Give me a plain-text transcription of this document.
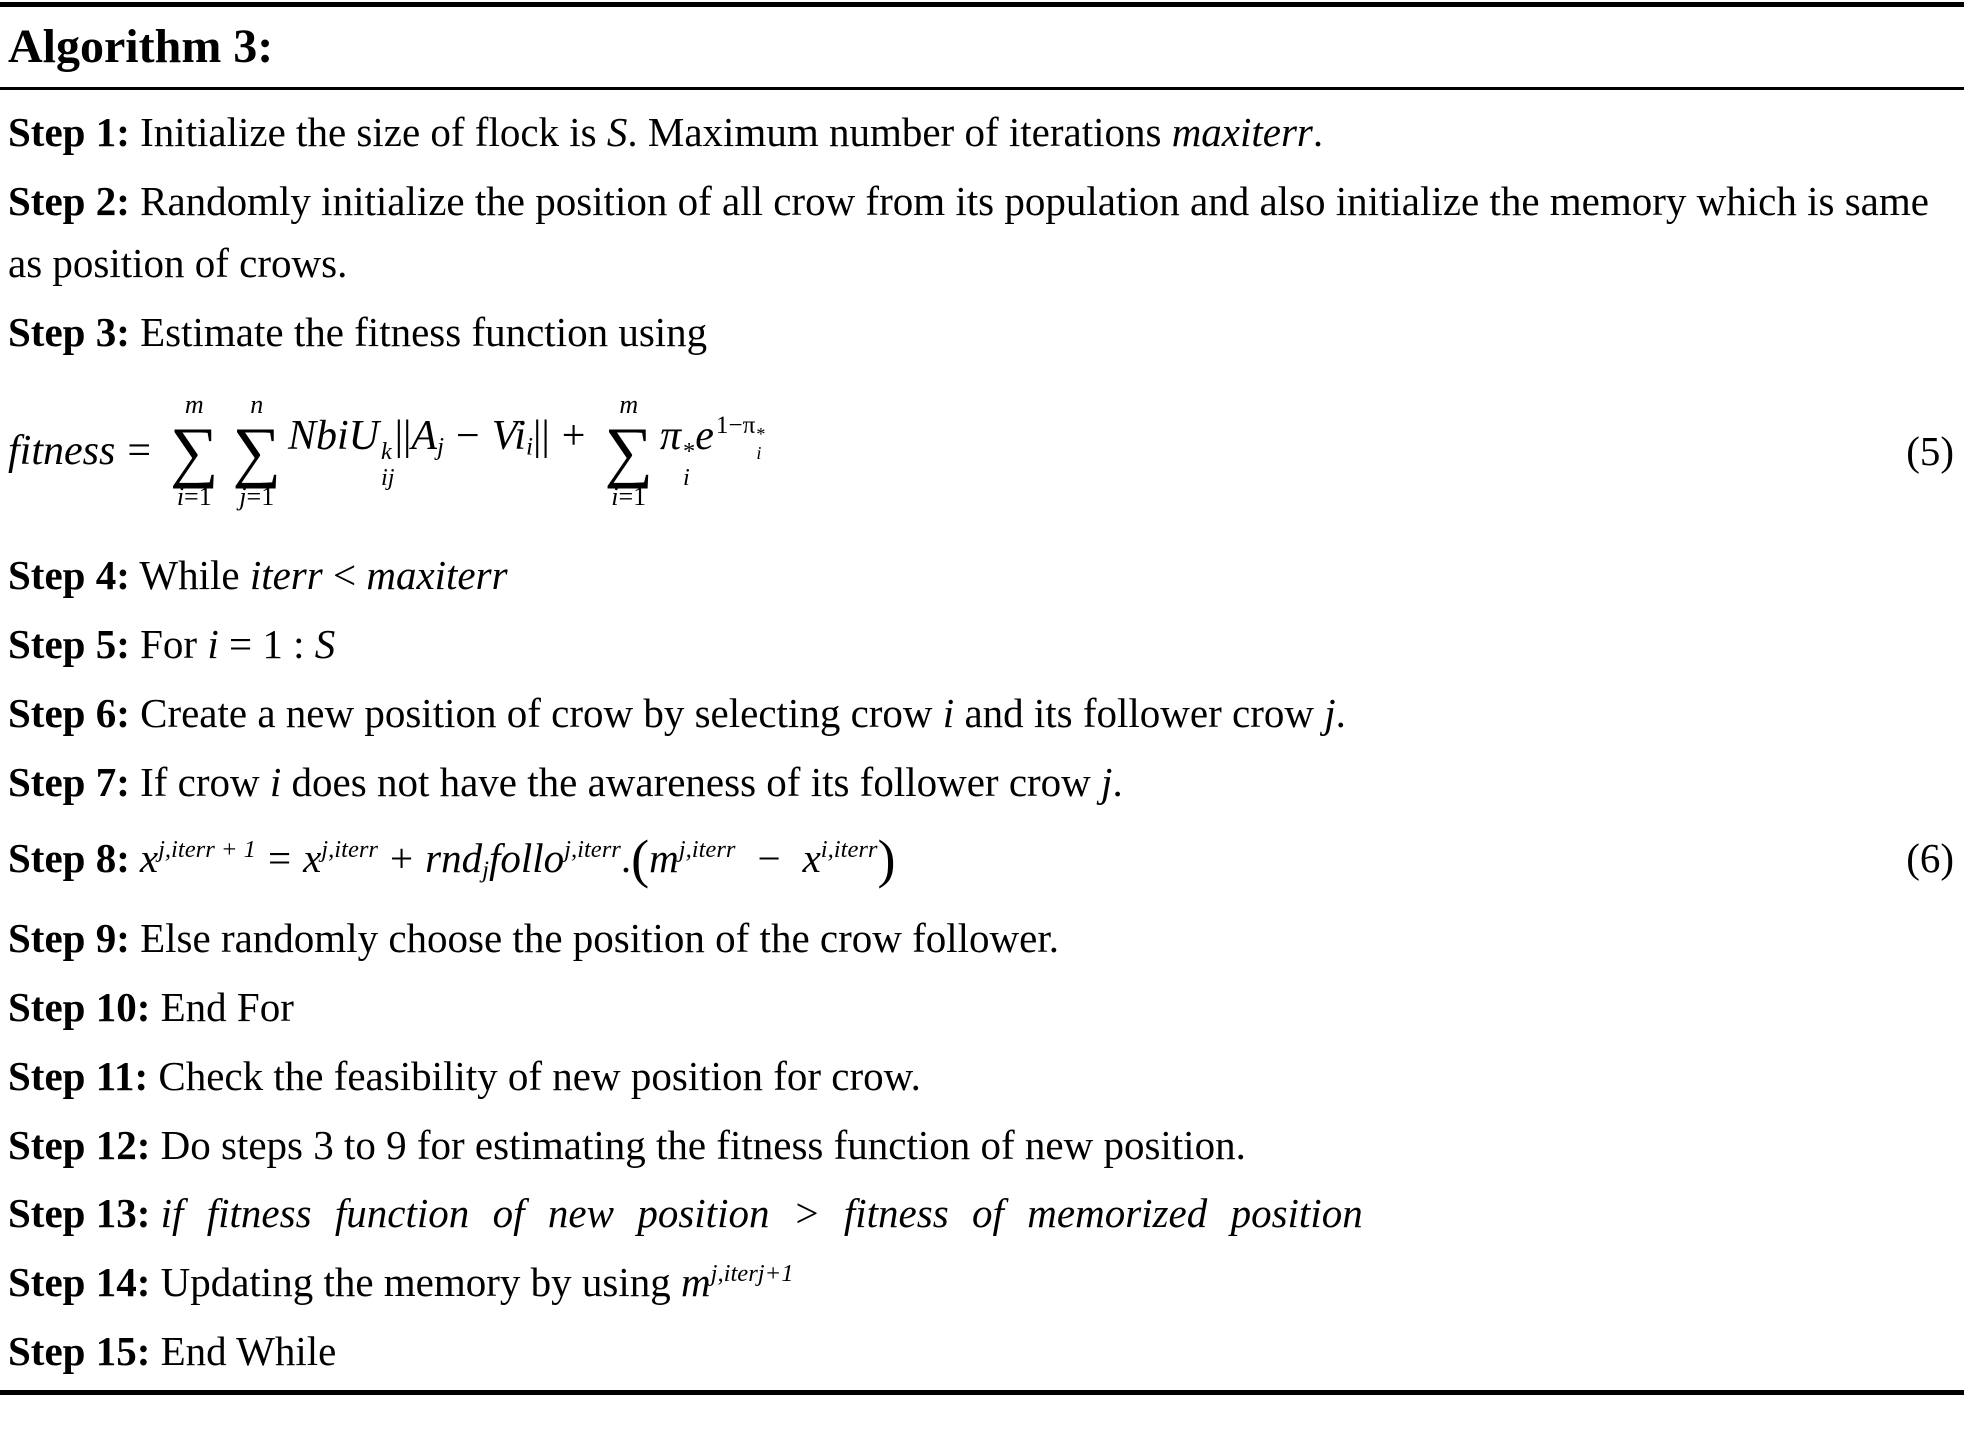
Algorithm 3:
Step 1: Initialize the size of flock is S. Maximum number of iterations maxiterr.
Step 2: Randomly initialize the position of all crow from its population and also initialize the memory which is same as position of crows.
Step 3: Estimate the fitness function using
fitness =
m
∑
i=1
n
∑
j=1
NbiU k
ij
||Aj − Vii|| +
m
∑
i=1
π *
i
$e^{1-\pi * i}$	(5)
Step 4: While iterr < maxiterr
Step 5: For i = 1 : S
Step 6: Create a new position of crow by selecting crow i and its follower crow j.
Step 7: If crow i does not have the awareness of its follower crow j.
Step 8: $x^{j,iterr + 1} = x^{j,iterr}$ + $rndjfollo^{j,iterr}.(m^{j,iterr} - x^{i,iterr})$	(6)
Step 9: Else randomly choose the position of the crow follower.
Step 10: End For
Step 11: Check the feasibility of new position for crow.
Step 12: Do steps 3 to 9 for estimating the fitness function of new position.
Step 13: if fitness function of new position > fitness of memorized position
Step 14: Updating the memory by using $m^{j,iterj+1}$
Step 15: End While
